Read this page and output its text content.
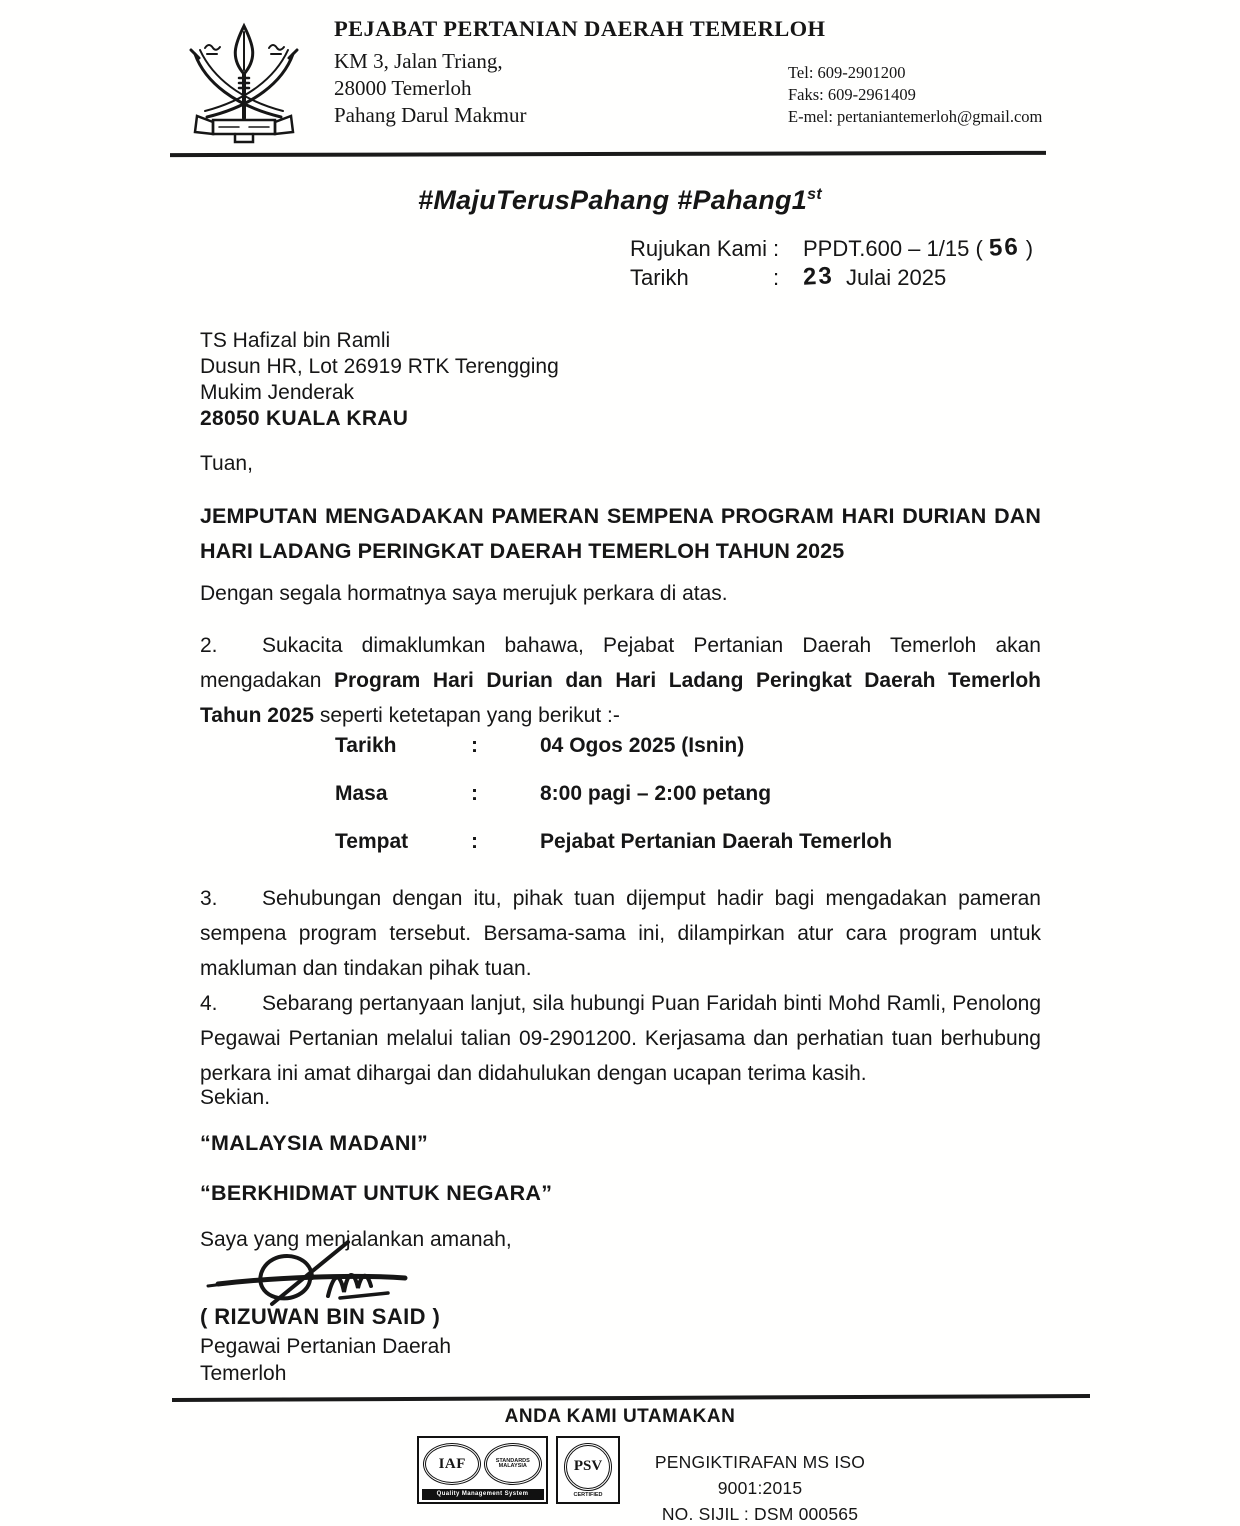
PEJABAT PERTANIAN DAERAH TEMERLOH
KM 3, Jalan Triang,
28000 Temerloh
Pahang Darul Makmur
Tel: 609-2901200
Faks: 609-2961409
E-mel: pertaniantemerloh@gmail.com
#MajuTerusPahang #Pahang1st
Rujukan Kami :	PPDT.600 – 1/15 ( 56 )
Tarikh	: 23 Julai 2025
TS Hafizal bin Ramli
Dusun HR, Lot 26919 RTK Terengging
Mukim Jenderak
28050 KUALA KRAU
Tuan,
JEMPUTAN MENGADAKAN PAMERAN SEMPENA PROGRAM HARI DURIAN DAN
HARI LADANG PERINGKAT DAERAH TEMERLOH TAHUN 2025
Dengan segala hormatnya saya merujuk perkara di atas.
2. Sukacita dimaklumkan bahawa, Pejabat Pertanian Daerah Temerloh akan mengadakan Program Hari Durian dan Hari Ladang Peringkat Daerah Temerloh Tahun 2025 seperti ketetapan yang berikut :-
Tarikh	:	04 Ogos 2025 (Isnin)
Masa	:	8:00 pagi – 2:00 petang
Tempat	:	Pejabat Pertanian Daerah Temerloh
3. Sehubungan dengan itu, pihak tuan dijemput hadir bagi mengadakan pameran sempena program tersebut. Bersama-sama ini, dilampirkan atur cara program untuk makluman dan tindakan pihak tuan.
4. Sebarang pertanyaan lanjut, sila hubungi Puan Faridah binti Mohd Ramli, Penolong Pegawai Pertanian melalui talian 09-2901200. Kerjasama dan perhatian tuan berhubung perkara ini amat dihargai dan didahulukan dengan ucapan terima kasih.
Sekian.
“MALAYSIA MADANI”
“BERKHIDMAT UNTUK NEGARA”
Saya yang menjalankan amanah,
( RIZUWAN BIN SAID )
Pegawai Pertanian Daerah
Temerloh
ANDA KAMI UTAMAKAN
IAF	STANDARDS
MALAYSIA
Quality Management System
PSV
CERTIFIED
PENGIKTIRAFAN MS ISO 9001:2015
NO. SIJIL : DSM 000565
